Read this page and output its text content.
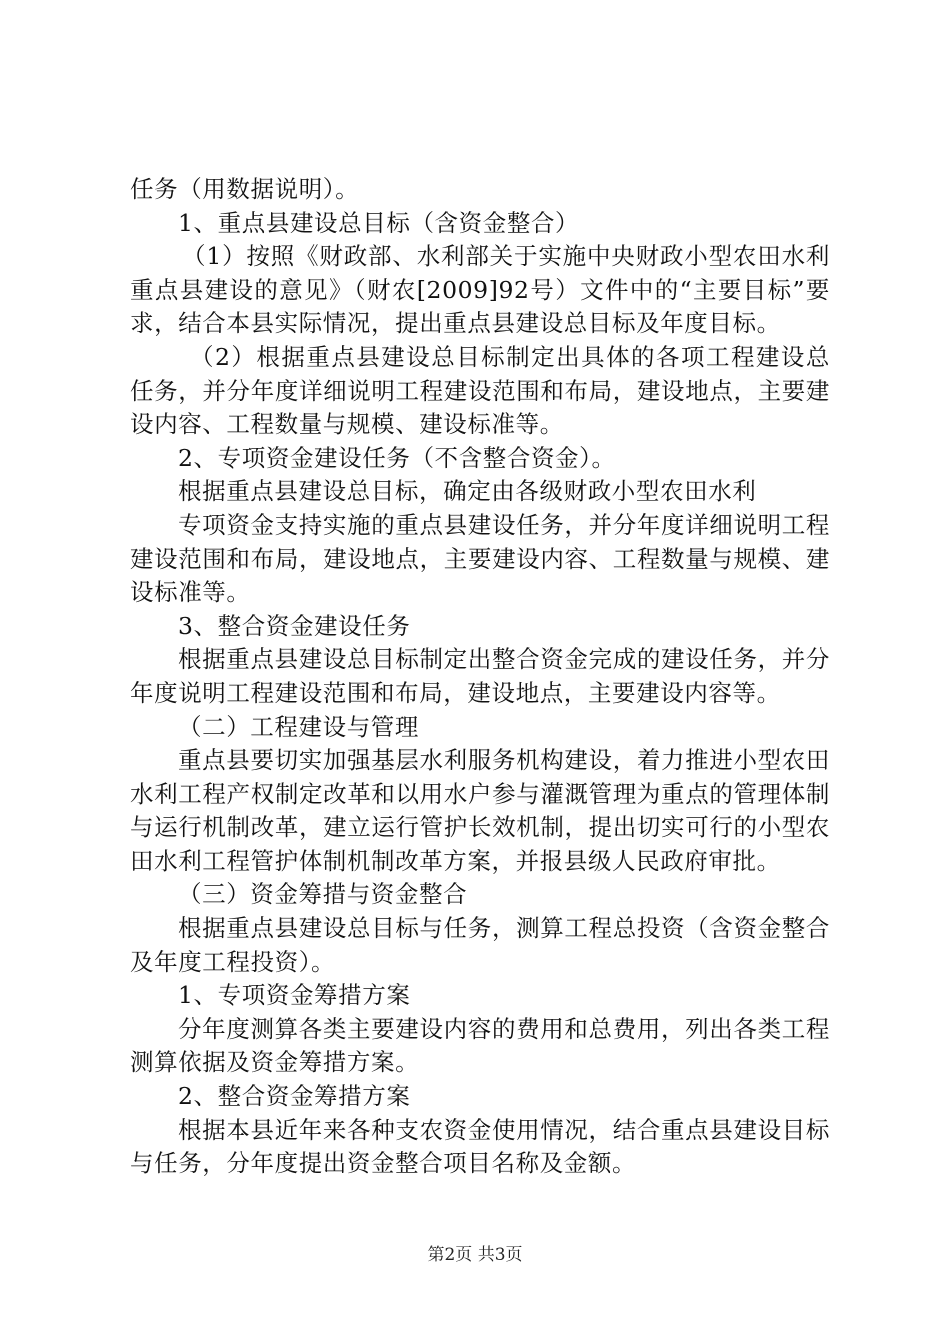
任务（用数据说明）。

1、重点县建设总目标（含资金整合）

（1）按照《财政部、水利部关于实施中央财政小型农田水利重点县建设的意见》（财农[2009]92号）文件中的“主要目标”要求，结合本县实际情况，提出重点县建设总目标及年度目标。

（2）根据重点县建设总目标制定出具体的各项工程建设总任务，并分年度详细说明工程建设范围和布局，建设地点，主要建设内容、工程数量与规模、建设标准等。

2、专项资金建设任务（不含整合资金）。

根据重点县建设总目标，确定由各级财政小型农田水利

专项资金支持实施的重点县建设任务，并分年度详细说明工程建设范围和布局，建设地点，主要建设内容、工程数量与规模、建设标准等。

3、整合资金建设任务

根据重点县建设总目标制定出整合资金完成的建设任务，并分年度说明工程建设范围和布局，建设地点，主要建设内容等。

（二）工程建设与管理

重点县要切实加强基层水利服务机构建设，着力推进小型农田水利工程产权制定改革和以用水户参与灌溉管理为重点的管理体制与运行机制改革，建立运行管护长效机制，提出切实可行的小型农田水利工程管护体制机制改革方案，并报县级人民政府审批。

（三）资金筹措与资金整合

根据重点县建设总目标与任务，测算工程总投资（含资金整合及年度工程投资）。

1、专项资金筹措方案

分年度测算各类主要建设内容的费用和总费用，列出各类工程测算依据及资金筹措方案。

2、整合资金筹措方案

根据本县近年来各种支农资金使用情况，结合重点县建设目标与任务，分年度提出资金整合项目名称及金额。

第2页 共3页
